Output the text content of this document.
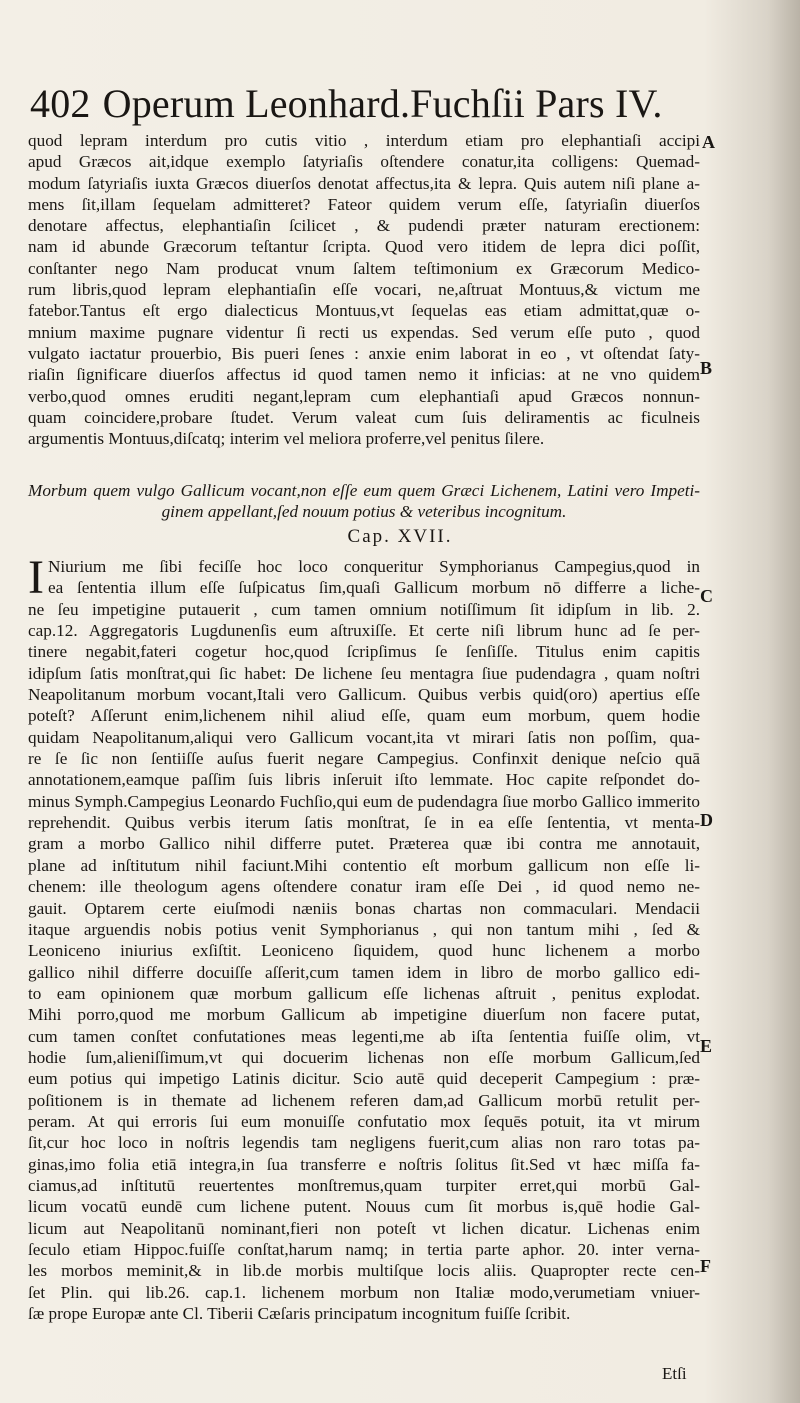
402 Operum Leonhard.Fuchſii Pars IV.
quod lepram interdum pro cutis vitio , interdum etiam pro elephantiaſi accipi
apud Græcos ait,idque exemplo ſatyriaſis oſtendere conatur,ita colligens: Quemad-
modum ſatyriaſis iuxta Græcos diuerſos denotat affectus,ita & lepra. Quis autem niſi plane a-
mens ſit,illam ſequelam admitteret? Fateor quidem verum eſſe, ſatyriaſin diuerſos
denotare affectus, elephantiaſin ſcilicet , & pudendi præter naturam erectionem:
nam id abunde Græcorum teſtantur ſcripta. Quod vero itidem de lepra dici poſſit,
conſtanter nego Nam producat vnum ſaltem teſtimonium ex Græcorum Medico-
rum libris,quod lepram elephantiaſin eſſe vocari, ne,aſtruat Montuus,& victum me
fatebor.Tantus eſt ergo dialecticus Montuus,vt ſequelas eas etiam admittat,quæ o-
mnium maxime pugnare videntur ſi recti us expendas. Sed verum eſſe puto , quod
vulgato iactatur prouerbio, Bis pueri ſenes : anxie enim laborat in eo , vt oſtendat ſaty-
riaſin ſignificare diuerſos affectus id quod tamen nemo it inficias: at ne vno quidem
verbo,quod omnes eruditi negant,lepram cum elephantiaſi apud Græcos nonnun-
quam coincidere,probare ſtudet. Verum valeat cum ſuis deliramentis ac ficulneis
argumentis Montuus,diſcatq; interim vel meliora proferre,vel penitus ſilere.
Morbum quem vulgo Gallicum vocant,non eſſe eum quem Græci Lichenem, Latini vero Impeti-
ginem appellant,ſed nouum potius & veteribus incognitum.
Cap. XVII.
I Niurium me ſibi feciſſe hoc loco conqueritur Symphorianus Campegius,quod in
ea ſententia illum eſſe ſuſpicatus ſim,quaſi Gallicum morbum nō differre a liche-
ne ſeu impetigine putauerit , cum tamen omnium notiſſimum ſit idipſum in lib. 2.
cap.12. Aggregatoris Lugdunenſis eum aſtruxiſſe. Et certe niſi librum hunc ad ſe per-
tinere negabit,fateri cogetur hoc,quod ſcripſimus ſe ſenſiſſe. Titulus enim capitis
idipſum ſatis monſtrat,qui ſic habet: De lichene ſeu mentagra ſiue pudendagra , quam noſtri
Neapolitanum morbum vocant,Itali vero Gallicum. Quibus verbis quid(oro) apertius eſſe
poteſt? Aſſerunt enim,lichenem nihil aliud eſſe, quam eum morbum, quem hodie
quidam Neapolitanum,aliqui vero Gallicum vocant,ita vt mirari ſatis non poſſim, qua-
re ſe ſic non ſentiiſſe auſus fuerit negare Campegius. Confinxit denique neſcio quā
annotationem,eamque paſſim ſuis libris inſeruit iſto lemmate. Hoc capite reſpondet do-
minus Symph.Campegius Leonardo Fuchſio,qui eum de pudendagra ſiue morbo Gallico immerito
reprehendit. Quibus verbis iterum ſatis monſtrat, ſe in ea eſſe ſententia, vt menta-
gram a morbo Gallico nihil differre putet. Præterea quæ ibi contra me annotauit,
plane ad inſtitutum nihil faciunt.Mihi contentio eſt morbum gallicum non eſſe li-
chenem: ille theologum agens oſtendere conatur iram eſſe Dei , id quod nemo ne-
gauit. Optarem certe eiuſmodi næniis bonas chartas non commaculari. Mendacii
itaque arguendis nobis potius venit Symphorianus , qui non tantum mihi , ſed &
Leoniceno iniurius exſiſtit. Leoniceno ſiquidem, quod hunc lichenem a morbo
gallico nihil differre docuiſſe aſſerit,cum tamen idem in libro de morbo gallico edi-
to eam opinionem quæ morbum gallicum eſſe lichenas aſtruit , penitus explodat.
Mihi porro,quod me morbum Gallicum ab impetigine diuerſum non facere putat,
cum tamen conſtet confutationes meas legenti,me ab iſta ſententia fuiſſe olim, vt
hodie ſum,alieniſſimum,vt qui docuerim lichenas non eſſe morbum Gallicum,ſed
eum potius qui impetigo Latinis dicitur. Scio autē quid deceperit Campegium : præ-
poſitionem is in themate ad lichenem referen dam,ad Gallicum morbū retulit per-
peram. At qui erroris ſui eum monuiſſe confutatio mox ſequēs potuit, ita vt mirum
ſit,cur hoc loco in noſtris legendis tam negligens fuerit,cum alias non raro totas pa-
ginas,imo folia etiā integra,in ſua transferre e noſtris ſolitus ſit.Sed vt hæc miſſa fa-
ciamus,ad inſtitutū reuertentes monſtremus,quam turpiter erret,qui morbū Gal-
licum vocatū eundē cum lichene putent. Nouus cum ſit morbus is,quē hodie Gal-
licum aut Neapolitanū nominant,fieri non poteſt vt lichen dicatur. Lichenas enim
ſeculo etiam Hippoc.fuiſſe conſtat,harum namq; in tertia parte aphor. 20. inter verna-
les morbos meminit,& in lib.de morbis multiſque locis aliis. Quapropter recte cen-
ſet Plin. qui lib.26. cap.1. lichenem morbum non Italiæ modo,verumetiam vniuer-
ſæ prope Europæ ante Cl. Tiberii Cæſaris principatum incognitum fuiſſe ſcribit.
A
B
C
D
E
F
Etſi
